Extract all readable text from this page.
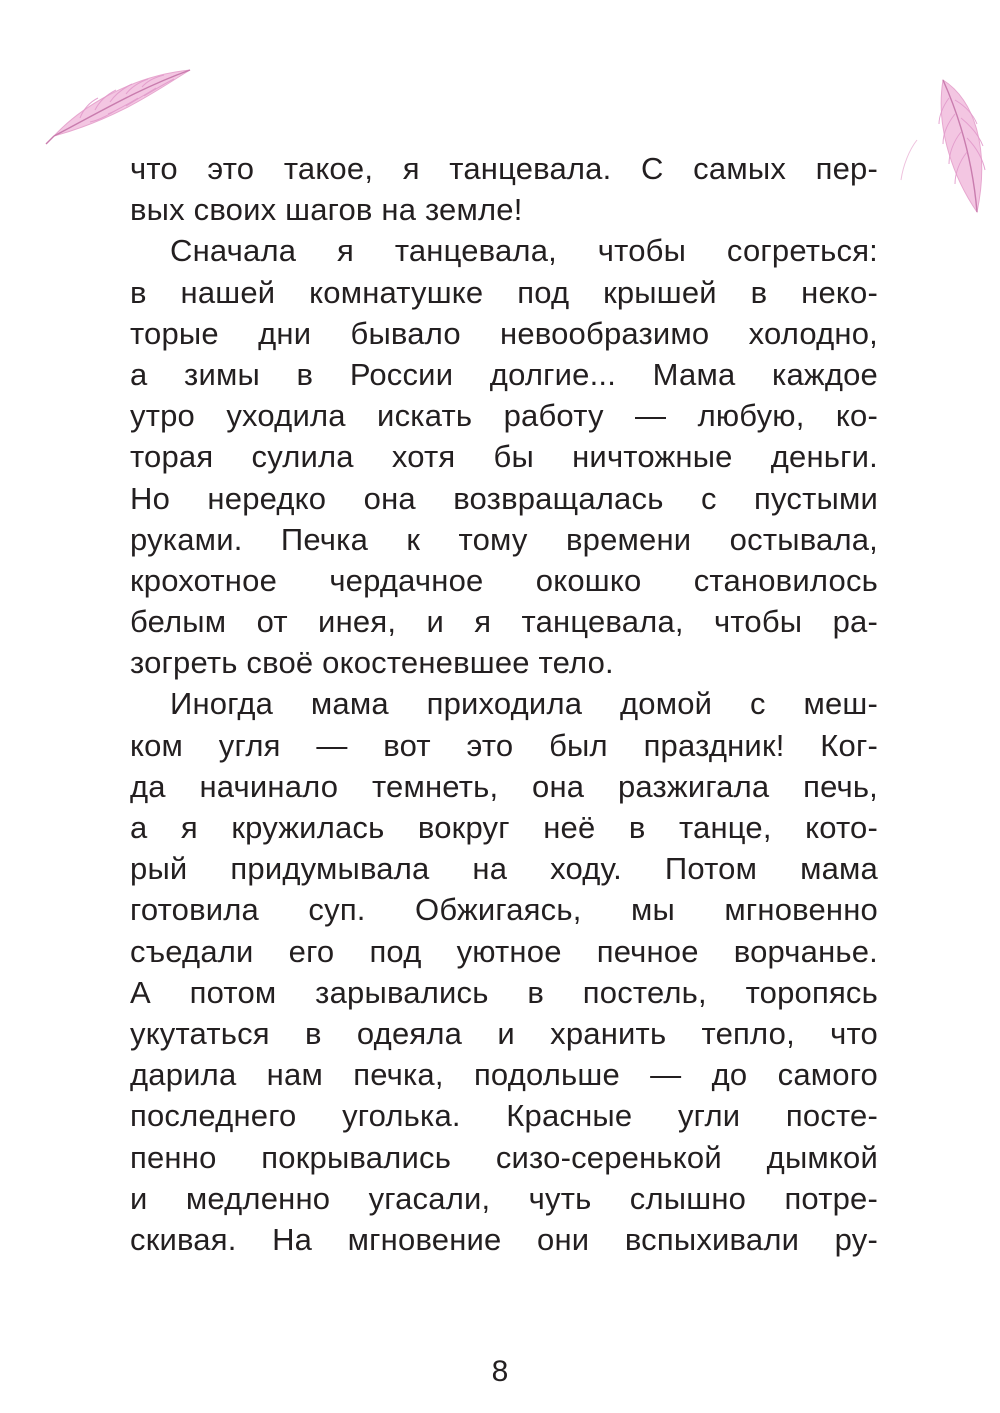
что это такое, я танцевала. С самых пер-
вых своих шагов на земле!
Сначала я танцевала, чтобы согреться:
в нашей комнатушке под крышей в неко-
торые дни бывало невообразимо холодно,
а зимы в России долгие... Мама каждое
утро уходила искать работу — любую, ко-
торая сулила хотя бы ничтожные деньги.
Но нередко она возвращалась с пустыми
руками. Печка к тому времени остывала,
крохотное чердачное окошко становилось
белым от инея, и я танцевала, чтобы ра-
зогреть своё окостеневшее тело.
Иногда мама приходила домой с меш-
ком угля — вот это был праздник! Ког-
да начинало темнеть, она разжигала печь,
а я кружилась вокруг неё в танце, кото-
рый придумывала на ходу. Потом мама
готовила суп. Обжигаясь, мы мгновенно
съедали его под уютное печное ворчанье.
А потом зарывались в постель, торопясь
укутаться в одеяла и хранить тепло, что
дарила нам печка, подольше — до самого
последнего уголька. Красные угли посте-
пенно покрывались сизо-серенькой дымкой
и медленно угасали, чуть слышно потре-
скивая. На мгновение они вспыхивали ру-
8
